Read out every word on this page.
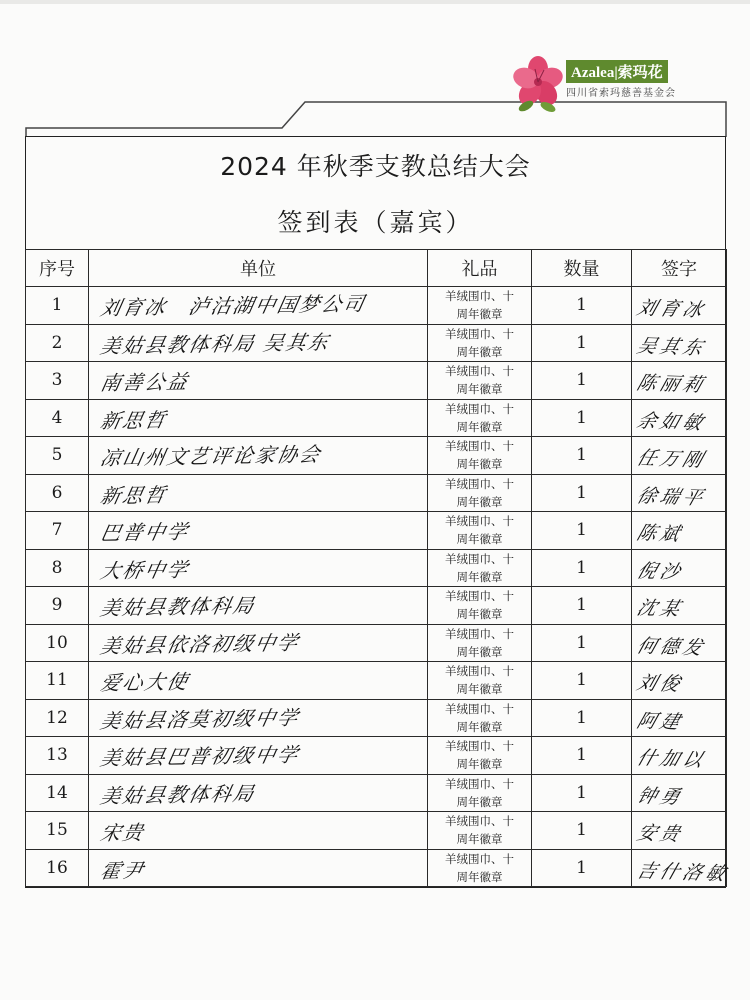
Azalea|索玛花
四川省索玛慈善基金会
2024 年秋季支教总结大会
签到表（嘉宾）
序号	单位	礼品	数量	签字
1	刘育冰　泸沽湖中国梦公司	羊绒围巾、十
周年徽章	1	刘育冰

2	美姑县教体科局 吴其东	羊绒围巾、十
周年徽章	1	吴其东

3	南善公益	羊绒围巾、十
周年徽章	1	陈丽莉

4	新思哲	羊绒围巾、十
周年徽章	1	余如敏

5	凉山州文艺评论家协会	羊绒围巾、十
周年徽章	1	任万刚

6	新思哲	羊绒围巾、十
周年徽章	1	徐瑞平

7	巴普中学	羊绒围巾、十
周年徽章	1	陈斌

8	大桥中学	羊绒围巾、十
周年徽章	1	倪沙

9	美姑县教体科局	羊绒围巾、十
周年徽章	1	沈某

10	美姑县依洛初级中学	羊绒围巾、十
周年徽章	1	何德发

11	爱心大使	羊绒围巾、十
周年徽章	1	刘俊

12	美姑县洛莫初级中学	羊绒围巾、十
周年徽章	1	阿建

13	美姑县巴普初级中学	羊绒围巾、十
周年徽章	1	什加以

14	美姑县教体科局	羊绒围巾、十
周年徽章	1	钟勇

15	宋贵	羊绒围巾、十
周年徽章	1	安贵

16	霍尹	羊绒围巾、十
周年徽章	1	吉什洛敏
